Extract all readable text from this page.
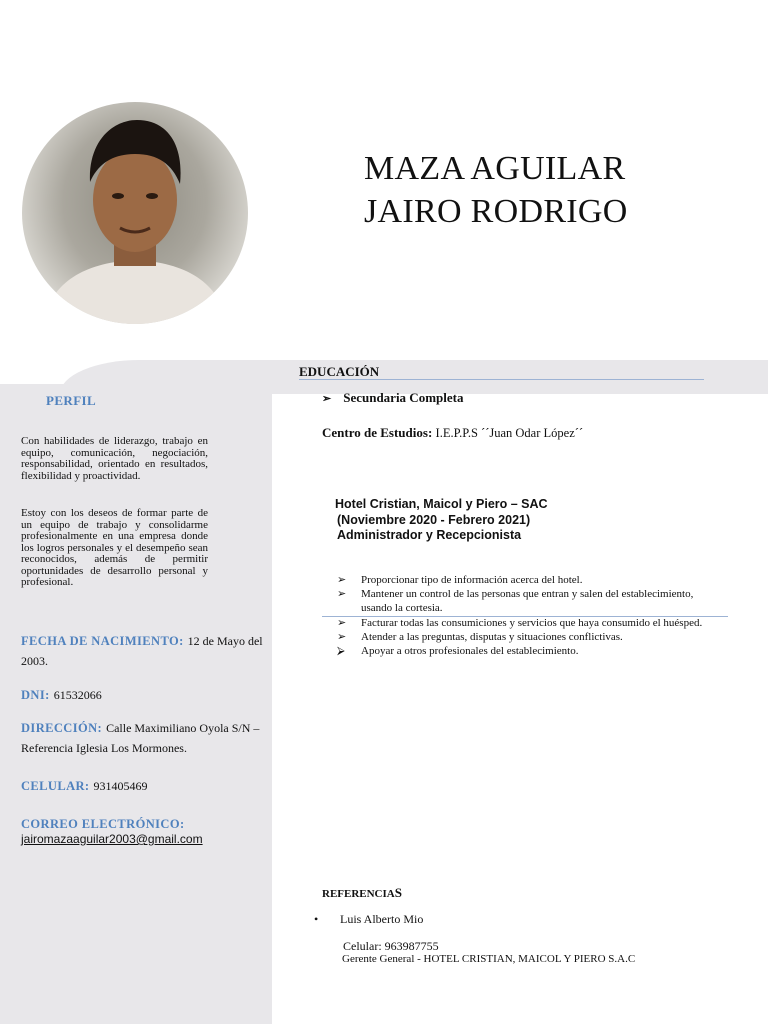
MAZA AGUILAR
JAIRO RODRIGO
PERFIL
Con habilidades de liderazgo, trabajo en equipo, comunicación, negociación, responsabilidad, orientado en resultados, flexibilidad y proactividad.
Estoy con los deseos de formar parte de un equipo de trabajo y consolidarme profesionalmente en una empresa donde los logros personales y el desempeño sean reconocidos, además de permitir oportunidades de desarrollo personal y profesional.
FECHA DE NACIMIENTO: 12 de Mayo del
2003.
DNI: 61532066
DIRECCIÓN: Calle Maximiliano Oyola S/N –
Referencia Iglesia Los Mormones.
CELULAR: 931405469
CORREO ELECTRÓNICO:
jairomazaaguilar2003@gmail.com
EDUCACIÓN
➢ Secundaria Completa
Centro de Estudios: I.E.P.P.S ´´Juan Odar López´´
Hotel Cristian, Maicol y Piero – SAC
(Noviembre 2020 - Febrero 2021)
Administrador y Recepcionista
➢	Proporcionar tipo de información acerca del hotel.
➢	Mantener un control de las personas que entran y salen del establecimiento, usando la cortesia.
➢	Facturar todas las consumiciones y servicios que haya consumido el huésped.
➢	Atender a las preguntas, disputas y situaciones conflictivas.
⮚	Apoyar a otros profesionales del establecimiento.
REFERENCIAS
• Luis Alberto Mio
Celular: 963987755
Gerente General - HOTEL CRISTIAN, MAICOL Y PIERO S.A.C
